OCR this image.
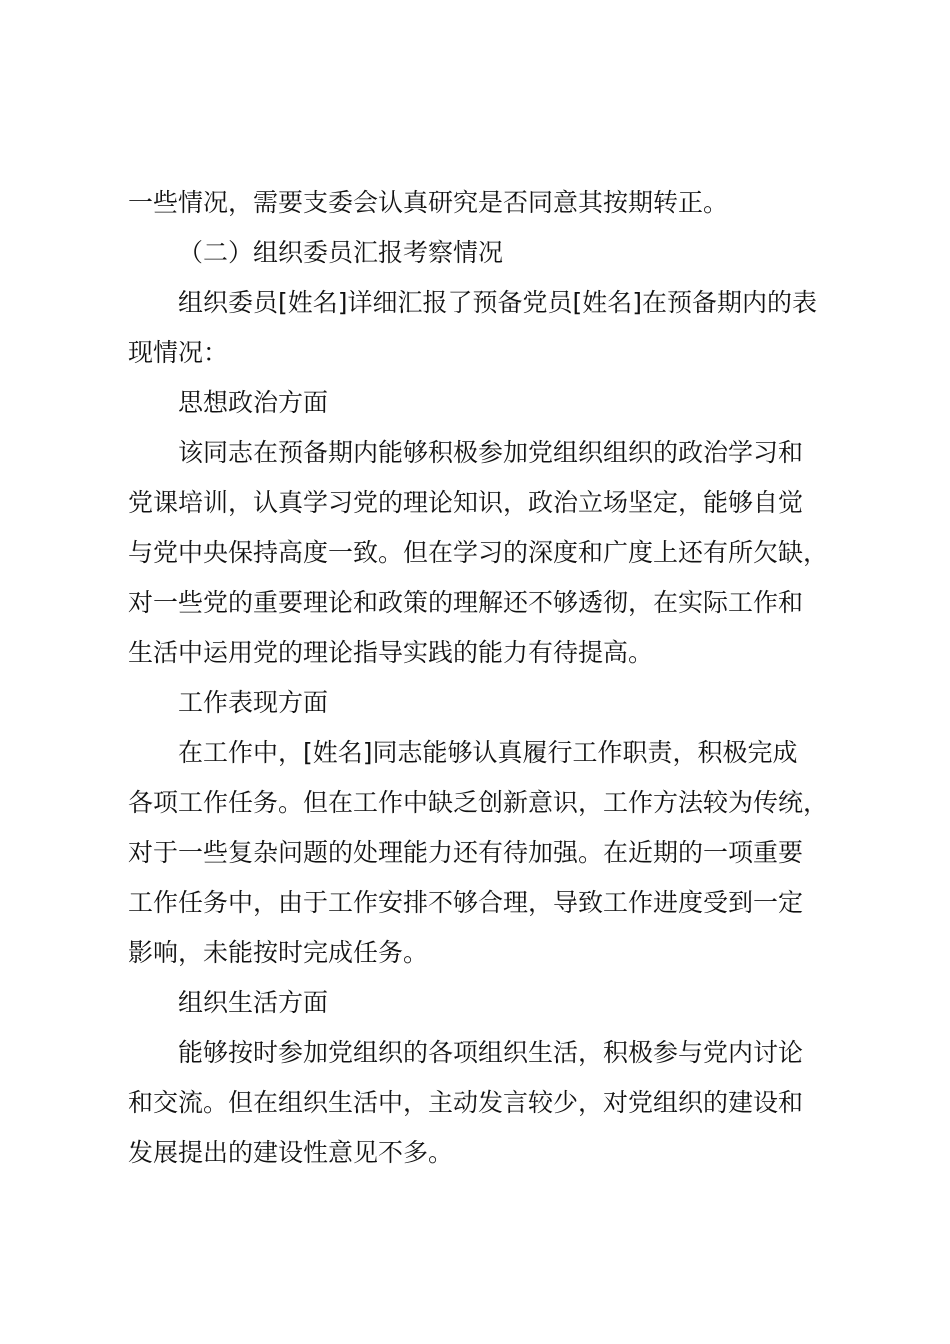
一些情况，需要支委会认真研究是否同意其按期转正。
（二）组织委员汇报考察情况
组织委员[姓名]详细汇报了预备党员[姓名]在预备期内的表
现情况：
思想政治方面
该同志在预备期内能够积极参加党组织组织的政治学习和
党课培训，认真学习党的理论知识，政治立场坚定，能够自觉
与党中央保持高度一致。但在学习的深度和广度上还有所欠缺，
对一些党的重要理论和政策的理解还不够透彻，在实际工作和
生活中运用党的理论指导实践的能力有待提高。
工作表现方面
在工作中，[姓名]同志能够认真履行工作职责，积极完成
各项工作任务。但在工作中缺乏创新意识，工作方法较为传统，
对于一些复杂问题的处理能力还有待加强。在近期的一项重要
工作任务中，由于工作安排不够合理，导致工作进度受到一定
影响，未能按时完成任务。
组织生活方面
能够按时参加党组织的各项组织生活，积极参与党内讨论
和交流。但在组织生活中，主动发言较少，对党组织的建设和
发展提出的建设性意见不多。
